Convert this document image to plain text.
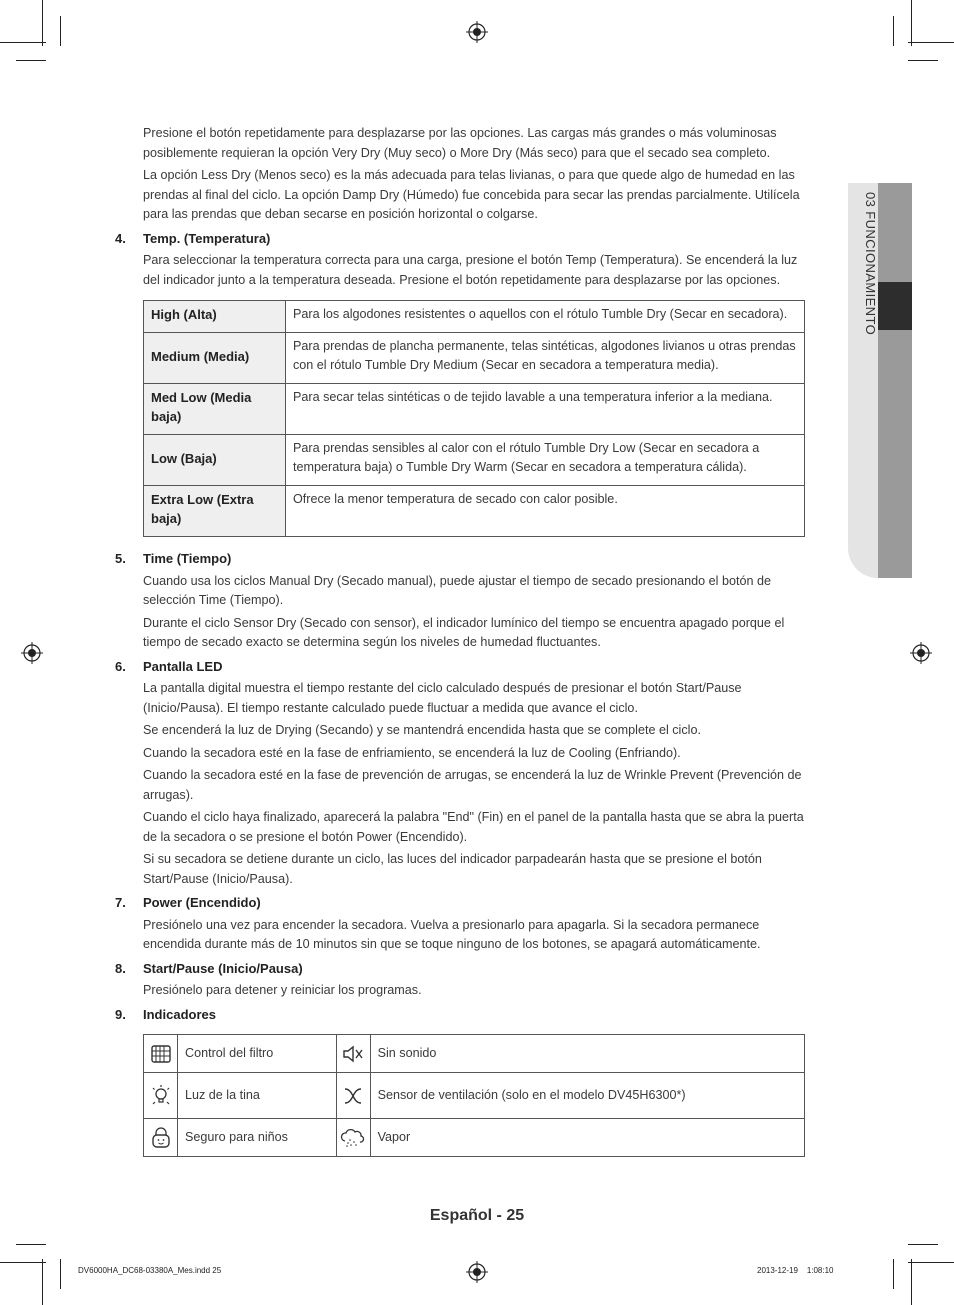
03 FUNCIONAMIENTO

Presione el botón repetidamente para desplazarse por las opciones. Las cargas más grandes o más voluminosas posiblemente requieran la opción Very Dry (Muy seco) o More Dry (Más seco) para que el secado sea completo.

La opción Less Dry (Menos seco) es la más adecuada para telas livianas, o para que quede algo de humedad en las prendas al final del ciclo. La opción Damp Dry (Húmedo) fue concebida para secar las prendas parcialmente. Utilícela para las prendas que deban secarse en posición horizontal o colgarse.

4.	Temp. (Temperatura)

Para seleccionar la temperatura correcta para una carga, presione el botón Temp (Temperatura). Se encenderá la luz del indicador junto a la temperatura deseada. Presione el botón repetidamente para desplazarse por las opciones.

High (Alta)	Para los algodones resistentes o aquellos con el rótulo Tumble Dry (Secar en secadora).
Medium (Media)	Para prendas de plancha permanente, telas sintéticas, algodones livianos u otras prendas con el rótulo Tumble Dry Medium (Secar en secadora a temperatura media).
Med Low (Media baja)	Para secar telas sintéticas o de tejido lavable a una temperatura inferior a la mediana.
Low (Baja)	Para prendas sensibles al calor con el rótulo Tumble Dry Low (Secar en secadora a temperatura baja) o Tumble Dry Warm (Secar en secadora a temperatura cálida).
Extra Low (Extra baja)	Ofrece la menor temperatura de secado con calor posible.
5.	Time (Tiempo)

Cuando usa los ciclos Manual Dry (Secado manual), puede ajustar el tiempo de secado presionando el botón de selección Time (Tiempo).

Durante el ciclo Sensor Dry (Secado con sensor), el indicador lumínico del tiempo se encuentra apagado porque el tiempo de secado exacto se determina según los niveles de humedad fluctuantes.

6.	Pantalla LED

La pantalla digital muestra el tiempo restante del ciclo calculado después de presionar el botón Start/Pause (Inicio/Pausa). El tiempo restante calculado puede fluctuar a medida que avance el ciclo.

Se encenderá la luz de Drying (Secando) y se mantendrá encendida hasta que se complete el ciclo.

Cuando la secadora esté en la fase de enfriamiento, se encenderá la luz de Cooling (Enfriando).

Cuando la secadora esté en la fase de prevención de arrugas, se encenderá la luz de Wrinkle Prevent (Prevención de arrugas).

Cuando el ciclo haya finalizado, aparecerá la palabra "End" (Fin) en el panel de la pantalla hasta que se abra la puerta de la secadora o se presione el botón Power (Encendido).

Si su secadora se detiene durante un ciclo, las luces del indicador parpadearán hasta que se presione el botón Start/Pause (Inicio/Pausa).

7.	Power (Encendido)

Presiónelo una vez para encender la secadora. Vuelva a presionarlo para apagarla. Si la secadora permanece encendida durante más de 10 minutos sin que se toque ninguno de los botones, se apagará automáticamente.

8.	Start/Pause (Inicio/Pausa)

Presiónelo para detener y reiniciar los programas.

9.	Indicadores
	Control del filtro		Sin sonido

	Luz de la tina		Sensor de ventilación (solo en el modelo DV45H6300*)

	Seguro para niños		Vapor
Español - 25
DV6000HA_DC68-03380A_Mes.indd 25	2013-12-19    1:08:10
